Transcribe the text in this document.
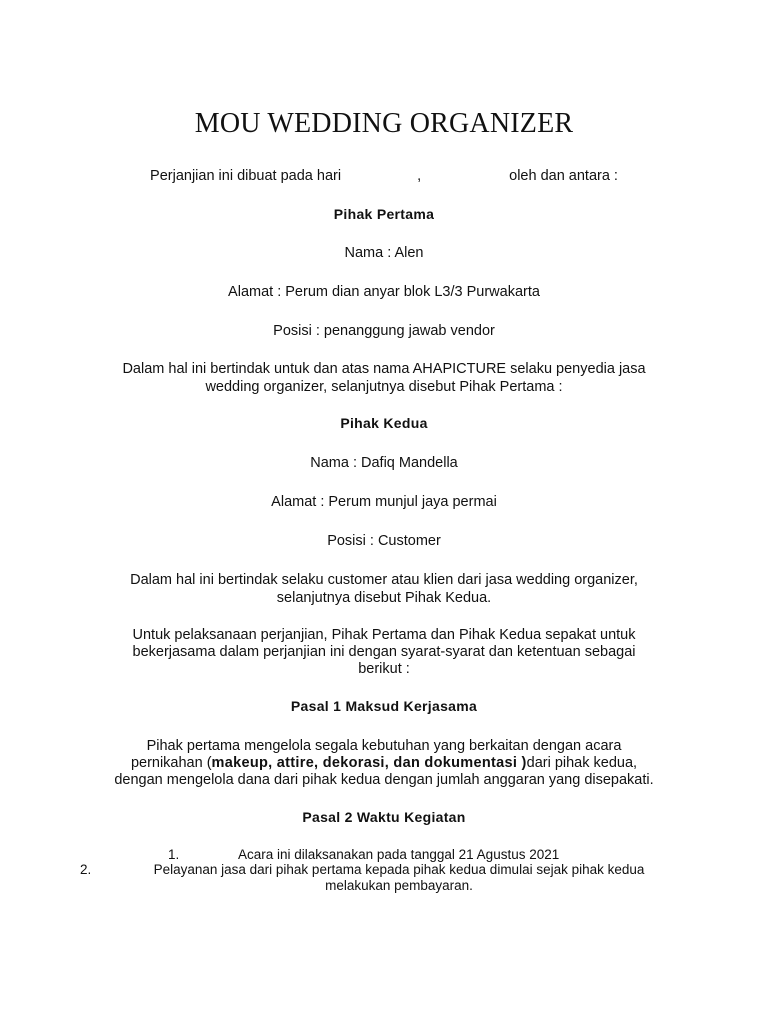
MOU WEDDING ORGANIZER
Perjanjian ini dibuat pada hari	,	oleh dan antara :
Pihak Pertama
Nama : Alen
Alamat : Perum dian anyar blok L3/3 Purwakarta
Posisi : penanggung jawab vendor
Dalam hal ini bertindak untuk dan atas nama AHAPICTURE selaku penyedia jasa
wedding organizer, selanjutnya disebut Pihak Pertama :
Pihak Kedua
Nama : Dafiq Mandella
Alamat : Perum munjul jaya permai
Posisi : Customer
Dalam hal ini bertindak selaku customer atau klien dari jasa wedding organizer,
selanjutnya disebut Pihak Kedua.
Untuk pelaksanaan perjanjian, Pihak Pertama dan Pihak Kedua sepakat untuk
bekerjasama dalam perjanjian ini dengan syarat-syarat dan ketentuan sebagai
berikut :
Pasal 1 Maksud Kerjasama
Pihak pertama mengelola segala kebutuhan yang berkaitan dengan acara
pernikahan (makeup, attire, dekorasi, dan dokumentasi )dari pihak kedua,
dengan mengelola dana dari pihak kedua dengan jumlah anggaran yang disepakati.
Pasal 2 Waktu Kegiatan
1.	Acara ini dilaksanakan pada tanggal 21 Agustus 2021
2.	Pelayanan jasa dari pihak pertama kepada pihak kedua dimulai sejak pihak kedua
melakukan pembayaran.
